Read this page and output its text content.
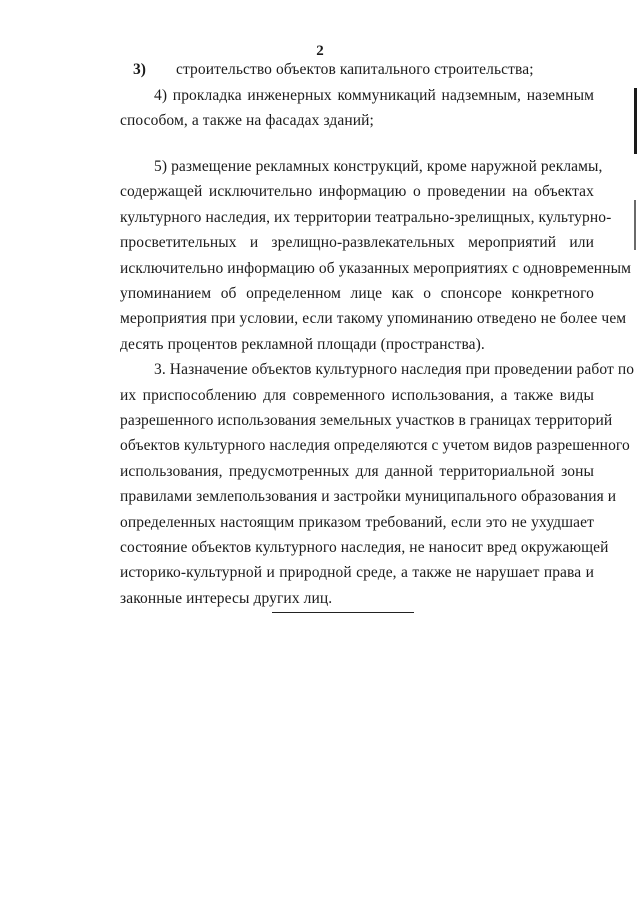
2
3) строительство объектов капитального строительства;
4) прокладка инженерных коммуникаций надземным, наземным
способом, а также на фасадах зданий;
5) размещение рекламных конструкций, кроме наружной рекламы,
содержащей исключительно информацию о проведении на объектах
культурного наследия, их территории театрально-зрелищных, культурно-
просветительных и зрелищно-развлекательных мероприятий или
исключительно информацию об указанных мероприятиях с одновременным
упоминанием об определенном лице как о спонсоре конкретного
мероприятия при условии, если такому упоминанию отведено не более чем
десять процентов рекламной площади (пространства).
3. Назначение объектов культурного наследия при проведении работ по
их приспособлению для современного использования, а также виды
разрешенного использования земельных участков в границах территорий
объектов культурного наследия определяются с учетом видов разрешенного
использования, предусмотренных для данной территориальной зоны
правилами землепользования и застройки муниципального образования и
определенных настоящим приказом требований, если это не ухудшает
состояние объектов культурного наследия, не наносит вред окружающей
историко-культурной и природной среде, а также не нарушает права и
законные интересы других лиц.
